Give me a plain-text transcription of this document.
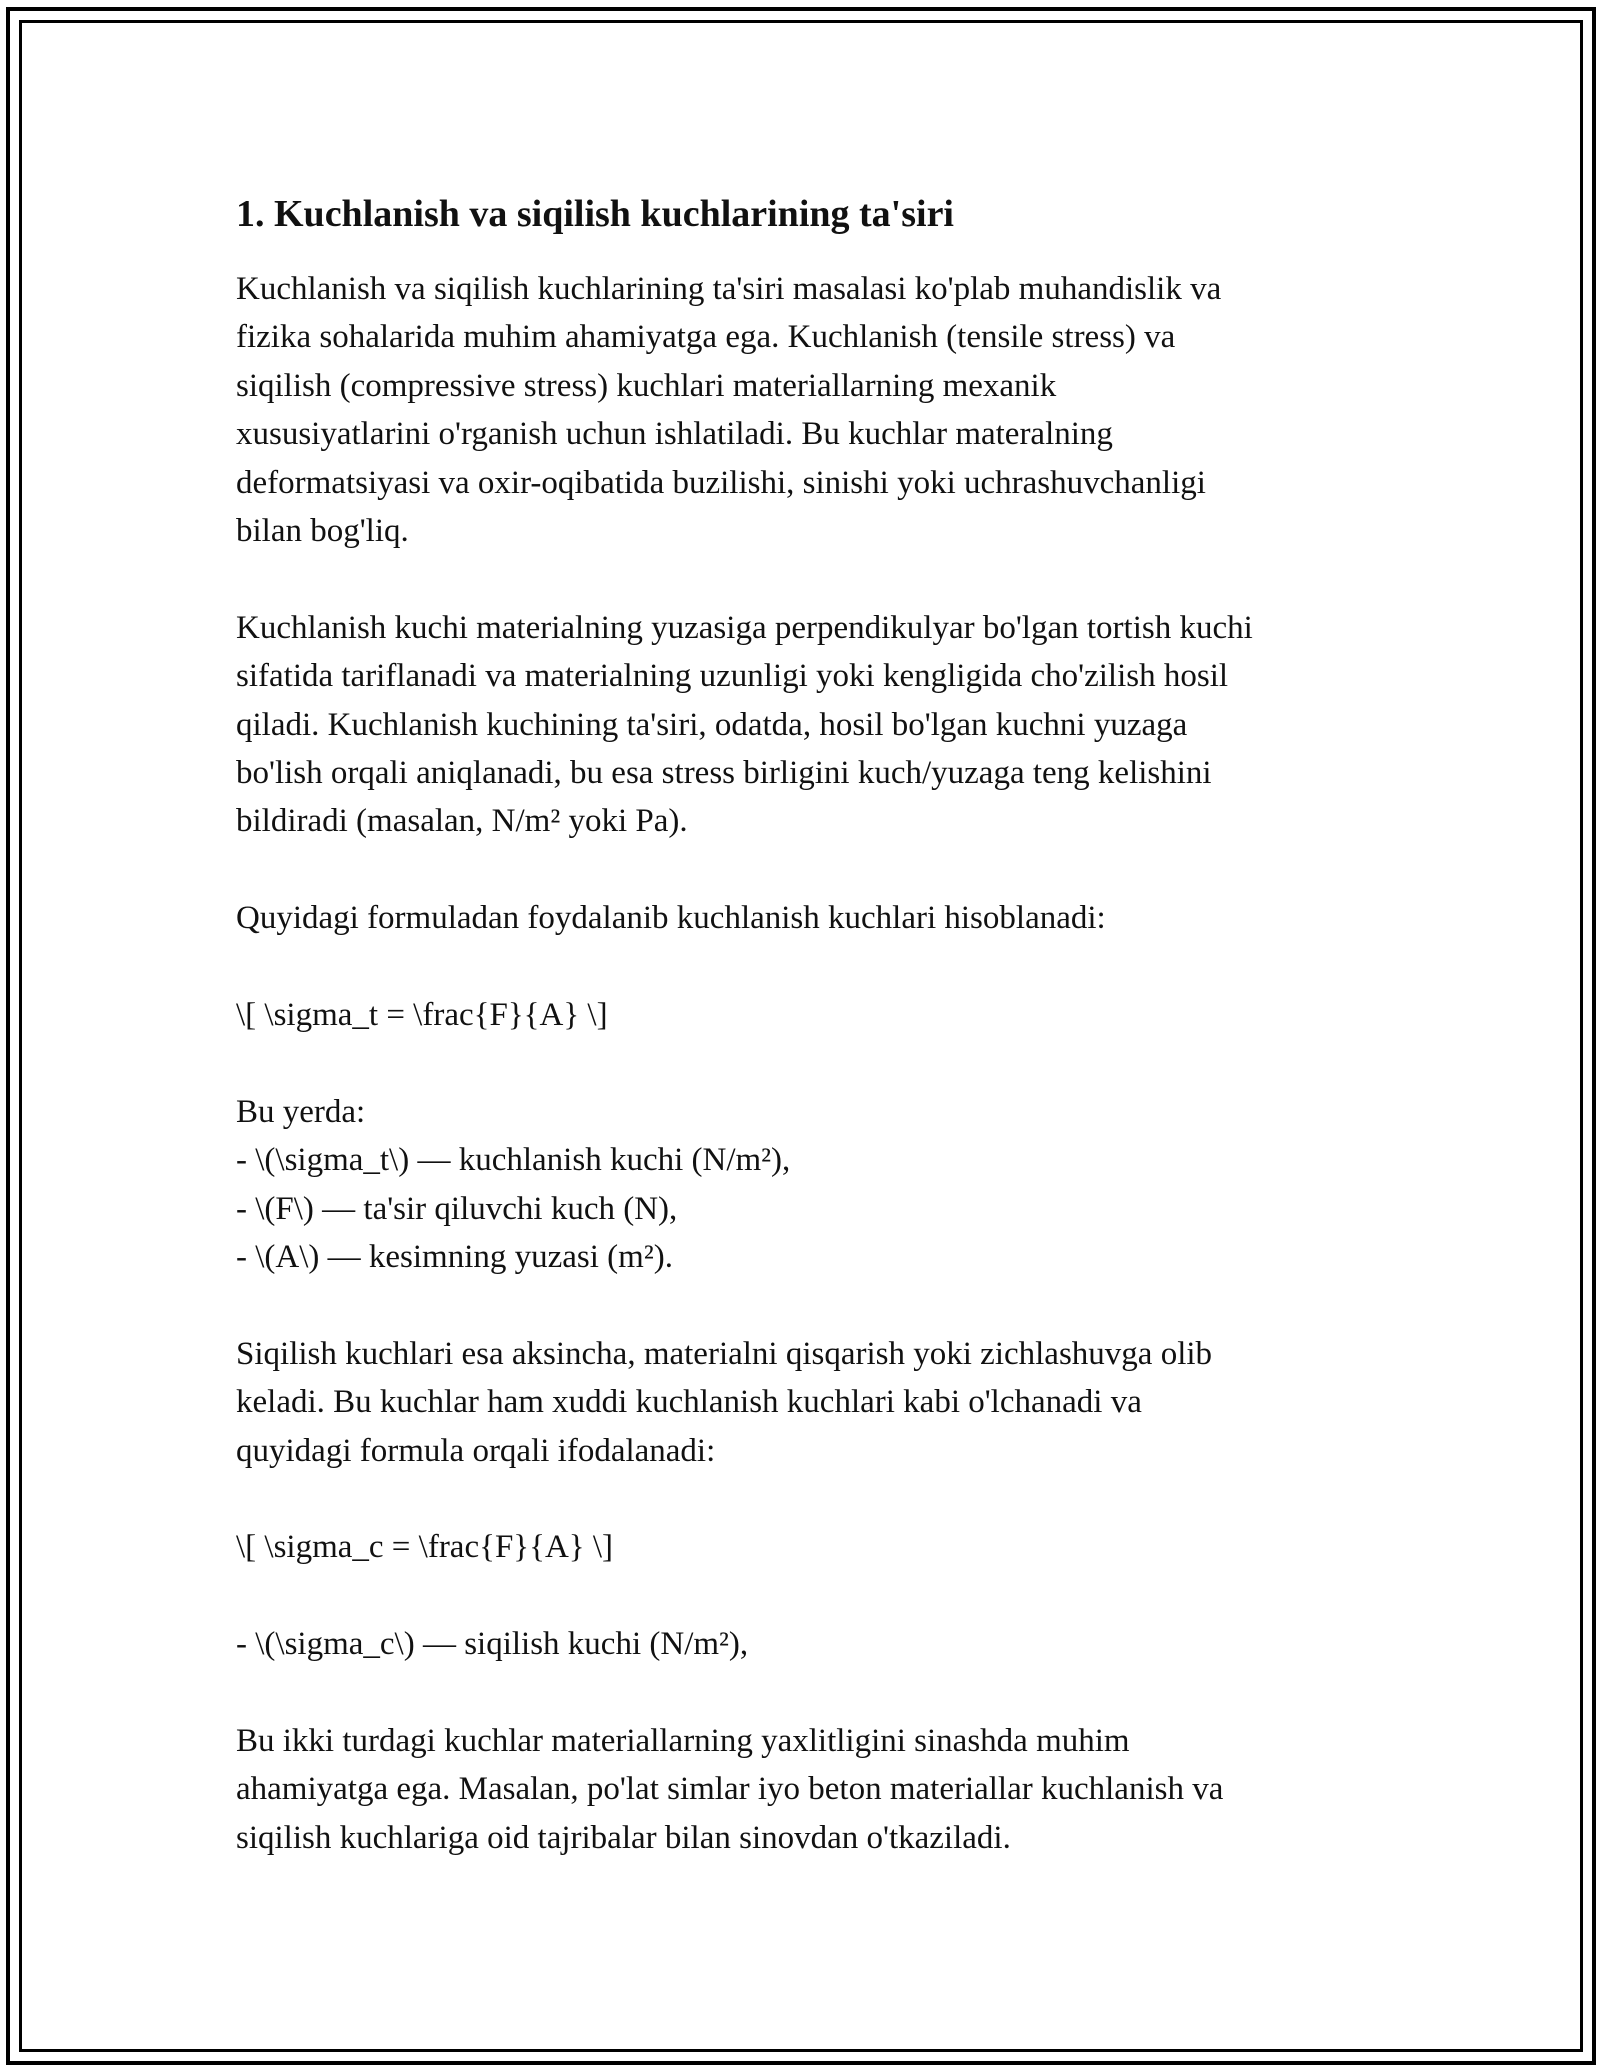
1. Kuchlanish va siqilish kuchlarining ta'siri

Kuchlanish va siqilish kuchlarining ta'siri masalasi ko'plab muhandislik va

fizika sohalarida muhim ahamiyatga ega. Kuchlanish (tensile stress) va

siqilish (compressive stress) kuchlari materiallarning mexanik

xususiyatlarini o'rganish uchun ishlatiladi. Bu kuchlar materalning

deformatsiyasi va oxir-oqibatida buzilishi, sinishi yoki uchrashuvchanligi

bilan bog'liq.

Kuchlanish kuchi materialning yuzasiga perpendikulyar bo'lgan tortish kuchi

sifatida tariflanadi va materialning uzunligi yoki kengligida cho'zilish hosil

qiladi. Kuchlanish kuchining ta'siri, odatda, hosil bo'lgan kuchni yuzaga

bo'lish orqali aniqlanadi, bu esa stress birligini kuch/yuzaga teng kelishini

bildiradi (masalan, N/m² yoki Pa).

Quyidagi formuladan foydalanib kuchlanish kuchlari hisoblanadi:

\[ \sigma_t = \frac{F}{A} \]

Bu yerda:

- \(\sigma_t\) — kuchlanish kuchi (N/m²),

- \(F\) — ta'sir qiluvchi kuch (N),

- \(A\) — kesimning yuzasi (m²).

Siqilish kuchlari esa aksincha, materialni qisqarish yoki zichlashuvga olib

keladi. Bu kuchlar ham xuddi kuchlanish kuchlari kabi o'lchanadi va

quyidagi formula orqali ifodalanadi:

\[ \sigma_c = \frac{F}{A} \]

- \(\sigma_c\) — siqilish kuchi (N/m²),

Bu ikki turdagi kuchlar materiallarning yaxlitligini sinashda muhim

ahamiyatga ega. Masalan, po'lat simlar iyo beton materiallar kuchlanish va

siqilish kuchlariga oid tajribalar bilan sinovdan o'tkaziladi.
